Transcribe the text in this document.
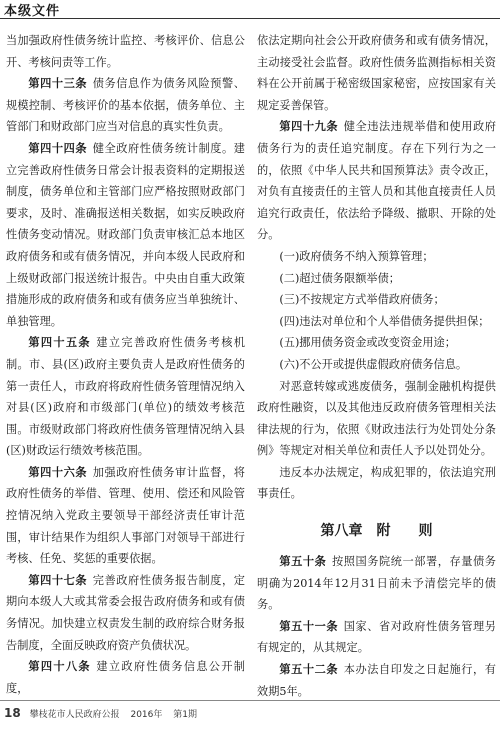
本级文件

当加强政府性债务统计监控、考核评价、信息公开、考核问责等工作。

第四十三条 债务信息作为债务风险预警、规模控制、考核评价的基本依据，债务单位、主管部门和财政部门应当对信息的真实性负责。

第四十四条 健全政府性债务统计制度。建立完善政府性债务日常会计报表资料的定期报送制度，债务单位和主管部门应严格按照财政部门要求，及时、准确报送相关数据，如实反映政府性债务变动情况。财政部门负责审核汇总本地区政府债务和或有债务情况，并向本级人民政府和上级财政部门报送统计报告。中央由自重大政策措施形成的政府债务和或有债务应当单独统计、单独管理。

第四十五条 建立完善政府性债务考核机制。市、县(区)政府主要负责人是政府性债务的第一责任人，市政府将政府性债务管理情况纳入对县(区)政府和市级部门(单位)的绩效考核范围。市级财政部门将政府性债务管理情况纳入县(区)财政运行绩效考核范围。

第四十六条 加强政府性债务审计监督，将政府性债务的举借、管理、使用、偿还和风险管控情况纳入党政主要领导干部经济责任审计范围，审计结果作为组织人事部门对领导干部进行考核、任免、奖惩的重要依据。

第四十七条 完善政府性债务报告制度，定期向本级人大或其常委会报告政府债务和或有债务情况。加快建立权责发生制的政府综合财务报告制度，全面反映政府资产负债状况。

第四十八条 建立政府性债务信息公开制度，

依法定期向社会公开政府债务和或有债务情况，主动接受社会监督。政府性债务监测指标相关资料在公开前属于秘密级国家秘密，应按国家有关规定妥善保管。

第四十九条 健全违法违规举借和使用政府债务行为的责任追究制度。存在下列行为之一的，依照《中华人民共和国预算法》责令改正，对负有直接责任的主管人员和其他直接责任人员追究行政责任，依法给予降级、撤职、开除的处分。

(一)政府债务不纳入预算管理；

(二)超过债务限额举债；

(三)不按规定方式举借政府债务；

(四)违法对单位和个人举借债务提供担保；

(五)挪用债务资金或改变资金用途；

(六)不公开或提供虚假政府债务信息。

对恶意转嫁或逃废债务，强制金融机构提供政府性融资，以及其他违反政府债务管理相关法律法规的行为，依照《财政违法行为处罚处分条例》等规定对相关单位和责任人予以处罚处分。

违反本办法规定，构成犯罪的，依法追究刑事责任。

第八章　附　　则

第五十条 按照国务院统一部署，存量债务明确为2014年12月31日前未予清偿完毕的债务。

第五十一条 国家、省对政府性债务管理另有规定的，从其规定。

第五十二条 本办法自印发之日起施行，有效期5年。

18 攀枝花市人民政府公报 2016年 第1期
